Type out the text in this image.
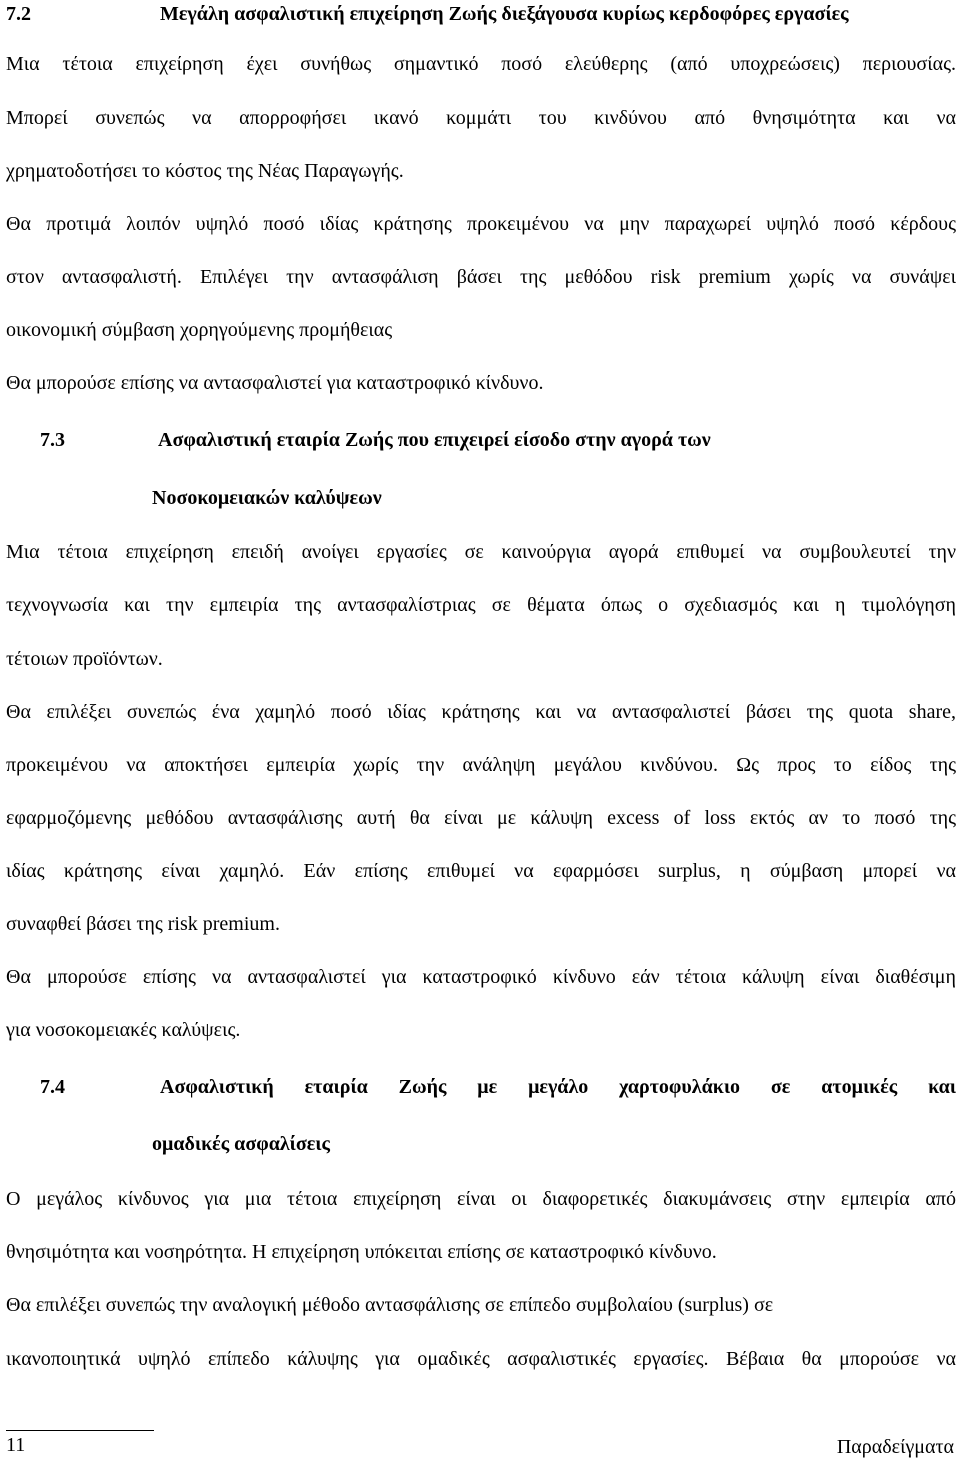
7.2	Μεγάλη ασφαλιστική επιχείρηση Ζωής διεξάγουσα κυρίως κερδοφόρες εργασίες
Μια τέτοια επιχείρηση έχει συνήθως σημαντικό ποσό ελεύθερης (από υποχρεώσεις) περιουσίας.
Μπορεί συνεπώς να απορροφήσει ικανό κομμάτι του κινδύνου από θνησιμότητα και να
χρηματοδοτήσει το κόστος της Νέας Παραγωγής.
Θα προτιμά λοιπόν υψηλό ποσό ιδίας κράτησης προκειμένου να μην παραχωρεί υψηλό ποσό κέρδους
στον αντασφαλιστή. Επιλέγει την αντασφάλιση βάσει της μεθόδου risk premium χωρίς να συνάψει
οικονομική σύμβαση χορηγούμενης προμήθειας
Θα μπορούσε επίσης να αντασφαλιστεί για καταστροφικό κίνδυνο.
7.3	Ασφαλιστική εταιρία Ζωής που επιχειρεί είσοδο στην αγορά των
Νοσοκομειακών καλύψεων
Μια τέτοια επιχείρηση επειδή ανοίγει εργασίες σε καινούργια αγορά επιθυμεί να συμβουλευτεί την
τεχνογνωσία και την εμπειρία της αντασφαλίστριας σε θέματα όπως ο σχεδιασμός και η τιμολόγηση
τέτοιων προϊόντων.
Θα επιλέξει συνεπώς ένα χαμηλό ποσό ιδίας κράτησης και να αντασφαλιστεί βάσει της quota share,
προκειμένου να αποκτήσει εμπειρία χωρίς την ανάληψη μεγάλου κινδύνου. Ως προς το είδος της
εφαρμοζόμενης μεθόδου αντασφάλισης αυτή θα είναι με κάλυψη excess of loss εκτός αν το ποσό της
ιδίας κράτησης είναι χαμηλό. Εάν επίσης επιθυμεί να εφαρμόσει surplus, η σύμβαση μπορεί να
συναφθεί βάσει της risk premium.
Θα μπορούσε επίσης να αντασφαλιστεί για καταστροφικό κίνδυνο εάν τέτοια κάλυψη είναι διαθέσιμη
για νοσοκομειακές καλύψεις.
7.4	Ασφαλιστική εταιρία Ζωής με μεγάλο χαρτοφυλάκιο σε ατομικές και
ομαδικές ασφαλίσεις
Ο μεγάλος κίνδυνος για μια τέτοια επιχείρηση είναι οι διαφορετικές διακυμάνσεις στην εμπειρία από
θνησιμότητα και νοσηρότητα. Η επιχείρηση υπόκειται επίσης σε καταστροφικό κίνδυνο.
Θα επιλέξει συνεπώς την αναλογική μέθοδο αντασφάλισης σε επίπεδο συμβολαίου (surplus) σε
ικανοποιητικά υψηλό επίπεδο κάλυψης για ομαδικές ασφαλιστικές εργασίες. Βέβαια θα μπορούσε να
11	Παραδείγματα
